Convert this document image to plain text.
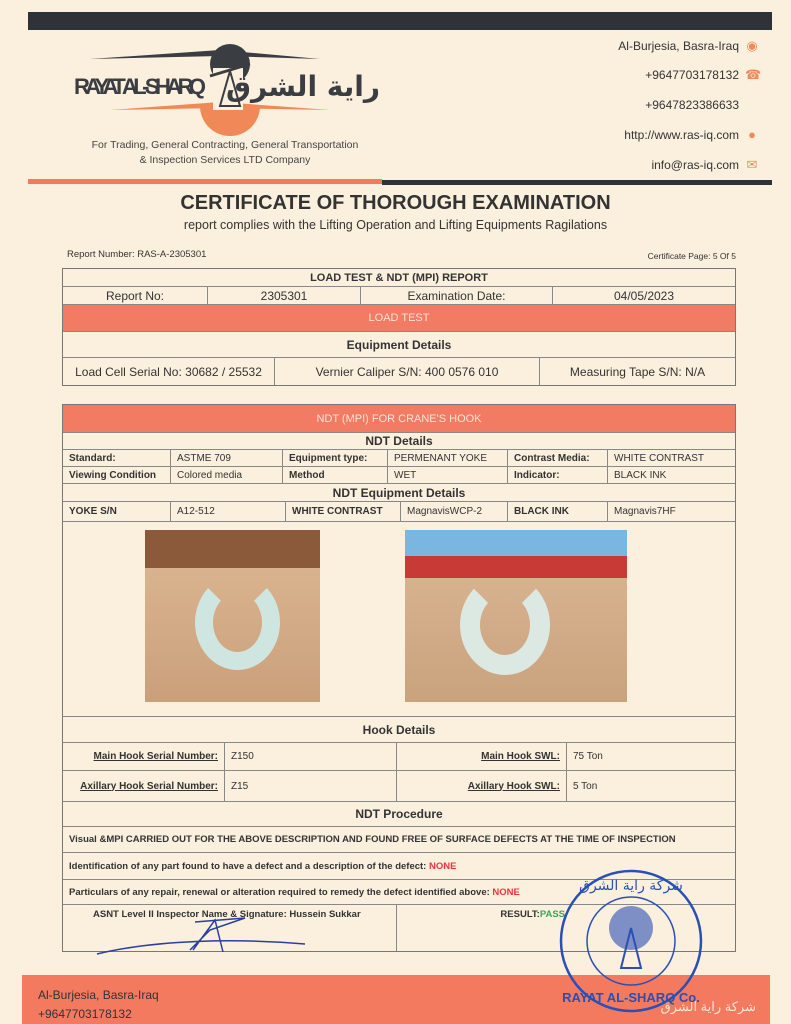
RAYAT AL-SHARQ راية الشرق
For Trading, General Contracting, General Transportation
& Inspection Services LTD Company
Al-Burjesia, Basra-Iraq ◉
+9647703178132 ☎
+9647823386633
http://www.ras-iq.com ●
info@ras-iq.com ✉
CERTIFICATE OF THOROUGH EXAMINATION
report complies with the Lifting Operation and Lifting Equipments Ragilations
Report Number: RAS-A-2305301	Certificate Page: 5 Of 5
LOAD TEST & NDT (MPI) REPORT
Report No:	2305301	Examination Date:	04/05/2023
LOAD TEST
Equipment Details
Load Cell Serial No: 30682 / 25532	Vernier Caliper S/N: 400 0576 010	Measuring Tape S/N: N/A
NDT (MPI) FOR CRANE'S HOOK
NDT Details
Standard:	ASTME 709	Equipment type:	PERMENANT YOKE	Contrast Media:	WHITE CONTRAST
Viewing Condition	Colored media	Method	WET	Indicator:	BLACK INK
NDT Equipment Details
YOKE S/N	A12-512	WHITE CONTRAST	MagnavisWCP-2	BLACK INK	Magnavis7HF
Hook Details
Main Hook Serial Number:	Z150	Main Hook SWL:	75 Ton
Axillary Hook Serial Number:	Z15	Axillary Hook SWL:	5 Ton
NDT Procedure
Visual &MPI CARRIED OUT FOR THE ABOVE DESCRIPTION AND FOUND FREE OF SURFACE DEFECTS AT THE TIME OF INSPECTION
Identification of any part found to have a defect and a description of the defect:
NONE
Particulars of any repair, renewal or alteration required to remedy the defect identified above:
NONE
ASNT Level II Inspector Name & Signature: Hussein Sukkar	RESULT: PASS
Al-Burjesia, Basra-Iraq
+9647703178132	شركة راية الشرق
شركة راية الشرق
RAYAT AL-SHARQ Co.
